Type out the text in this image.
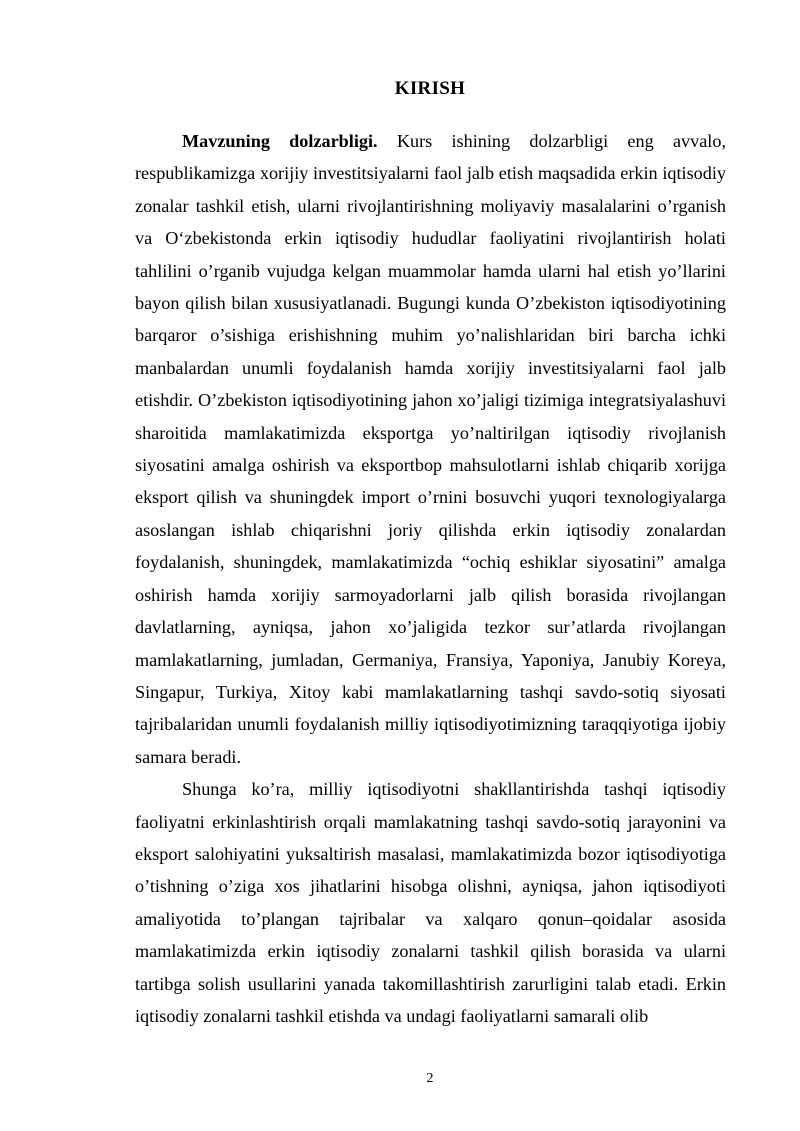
KIRISH

Mavzuning dolzarbligi. Kurs ishining dolzarbligi eng avvalo, respublikamizga xorijiy investitsiyalarni faol jalb etish maqsadida erkin iqtisodiy zonalar tashkil etish, ularni rivojlantirishning moliyaviy masalalarini o’rganish va O‘zbekistonda erkin iqtisodiy hududlar faoliyatini rivojlantirish holati tahlilini o’rganib vujudga kelgan muammolar hamda ularni hal etish yo’llarini bayon qilish bilan xususiyatlanadi. Bugungi kunda O’zbekiston iqtisodiyotining barqaror o’sishiga erishishning muhim yo’nalishlaridan biri barcha ichki manbalardan unumli foydalanish hamda xorijiy investitsiyalarni faol jalb etishdir. O’zbekiston iqtisodiyotining jahon xo’jaligi tizimiga integratsiyalashuvi sharoitida mamlakatimizda eksportga yo’naltirilgan iqtisodiy rivojlanish siyosatini amalga oshirish va eksportbop mahsulotlarni ishlab chiqarib xorijga eksport qilish va shuningdek import o’rnini bosuvchi yuqori texnologiyalarga asoslangan ishlab chiqarishni joriy qilishda erkin iqtisodiy zonalardan foydalanish, shuningdek, mamlakatimizda “ochiq eshiklar siyosatini” amalga oshirish hamda xorijiy sarmoyadorlarni jalb qilish borasida rivojlangan davlatlarning, ayniqsa, jahon xo’jaligida tezkor sur’atlarda rivojlangan mamlakatlarning, jumladan, Germaniya, Fransiya, Yaponiya, Janubiy Koreya, Singapur, Turkiya, Xitoy kabi mamlakatlarning tashqi savdo-sotiq siyosati tajribalaridan unumli foydalanish milliy iqtisodiyotimizning taraqqiyotiga ijobiy samara beradi.

Shunga ko’ra, milliy iqtisodiyotni shakllantirishda tashqi iqtisodiy faoliyatni erkinlashtirish orqali mamlakatning tashqi savdo-sotiq jarayonini va eksport salohiyatini yuksaltirish masalasi, mamlakatimizda bozor iqtisodiyotiga o’tishning o’ziga xos jihatlarini hisobga olishni, ayniqsa, jahon iqtisodiyoti amaliyotida to’plangan tajribalar va xalqaro qonun–qoidalar asosida mamlakatimizda erkin iqtisodiy zonalarni tashkil qilish borasida va ularni tartibga solish usullarini yanada takomillashtirish zarurligini talab etadi. Erkin iqtisodiy zonalarni tashkil etishda va undagi faoliyatlarni samarali olib

2
